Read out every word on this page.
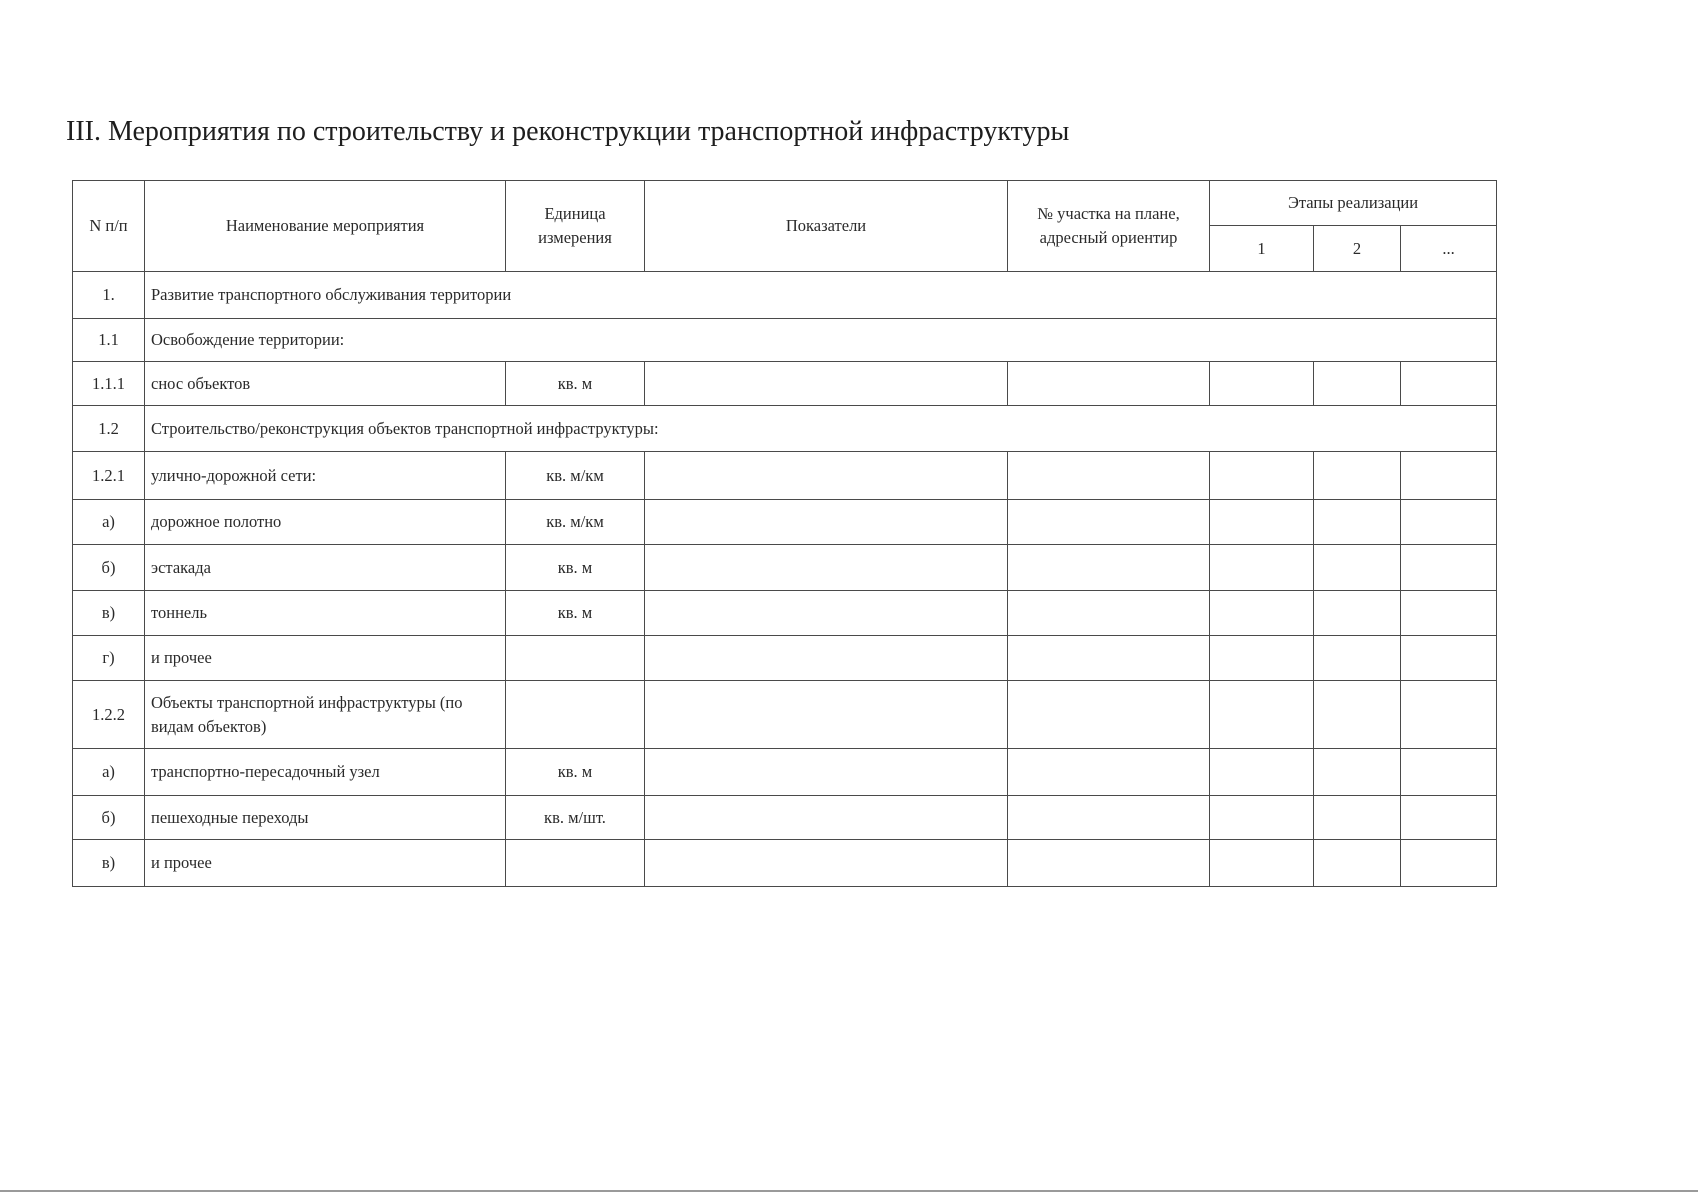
III. Мероприятия по строительству и реконструкции транспортной инфраструктуры
N п/п	Наименование мероприятия	Единица измерения	Показатели	№ участка на плане, адресный ориентир	Этапы реализации		
					1	2	...
1.	Развитие транспортного обслуживания территории						
1.1	Освобождение территории:						
1.1.1	снос объектов	кв. м					
1.2	Строительство/реконструкция объектов транспортной инфраструктуры:						
1.2.1	улично-дорожной сети:	кв. м/км					
а)	дорожное полотно	кв. м/км					
б)	эстакада	кв. м					
в)	тоннель	кв. м					
г)	и прочее						
1.2.2	Объекты транспортной инфраструктуры (по видам объектов)						
а)	транспортно-пересадочный узел	кв. м					
б)	пешеходные переходы	кв. м/шт.					
в)	и прочее						
